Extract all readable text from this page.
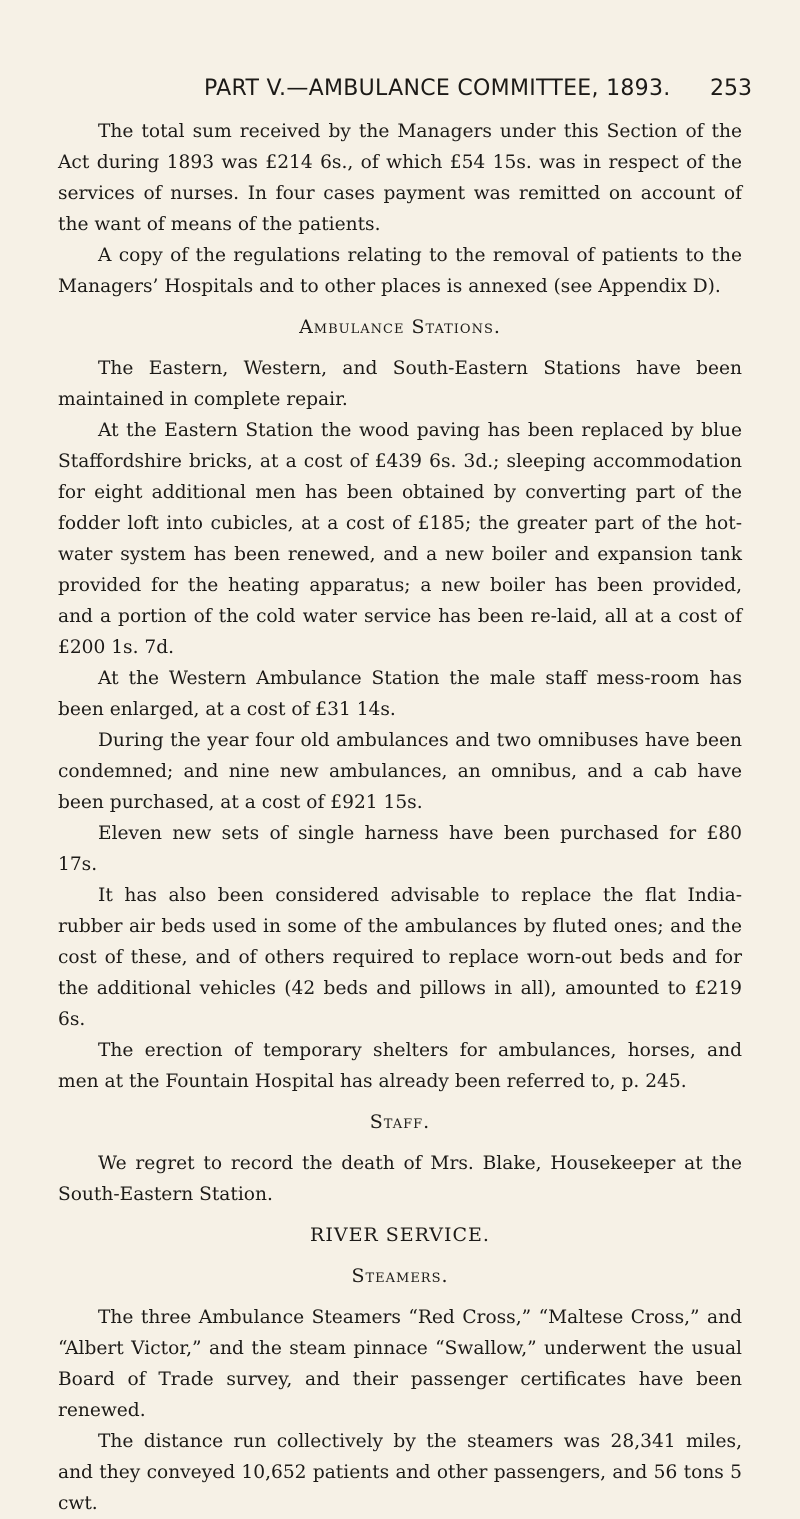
PART V.—AMBULANCE COMMITTEE, 1893. 253

The total sum received by the Managers under this Section of the Act during 1893 was £214 6s., of which £54 15s. was in respect of the services of nurses. In four cases payment was remitted on account of the want of means of the patients.

A copy of the regulations relating to the removal of patients to the Managers’ Hospitals and to other places is annexed (see Appendix D).

Ambulance Stations.

The Eastern, Western, and South-Eastern Stations have been maintained in complete repair.

At the Eastern Station the wood paving has been replaced by blue Staffordshire bricks, at a cost of £439 6s. 3d.; sleeping accommodation for eight additional men has been obtained by converting part of the fodder loft into cubicles, at a cost of £185; the greater part of the hot-water system has been renewed, and a new boiler and expansion tank provided for the heating apparatus; a new boiler has been provided, and a portion of the cold water service has been re-laid, all at a cost of £200 1s. 7d.

At the Western Ambulance Station the male staff mess-room has been enlarged, at a cost of £31 14s.

During the year four old ambulances and two omnibuses have been condemned; and nine new ambulances, an omnibus, and a cab have been purchased, at a cost of £921 15s.

Eleven new sets of single harness have been purchased for £80 17s.

It has also been considered advisable to replace the flat India-rubber air beds used in some of the ambulances by fluted ones; and the cost of these, and of others required to replace worn-out beds and for the additional vehicles (42 beds and pillows in all), amounted to £219 6s.

The erection of temporary shelters for ambulances, horses, and men at the Fountain Hospital has already been referred to, p. 245.

Staff.

We regret to record the death of Mrs. Blake, Housekeeper at the South-Eastern Station.

RIVER SERVICE.

Steamers.

The three Ambulance Steamers “Red Cross,” “Maltese Cross,” and “Albert Victor,” and the steam pinnace “Swallow,” underwent the usual Board of Trade survey, and their passenger certificates have been renewed.

The distance run collectively by the steamers was 28,341 miles, and they conveyed 10,652 patients and other passengers, and 56 tons 5 cwt.
